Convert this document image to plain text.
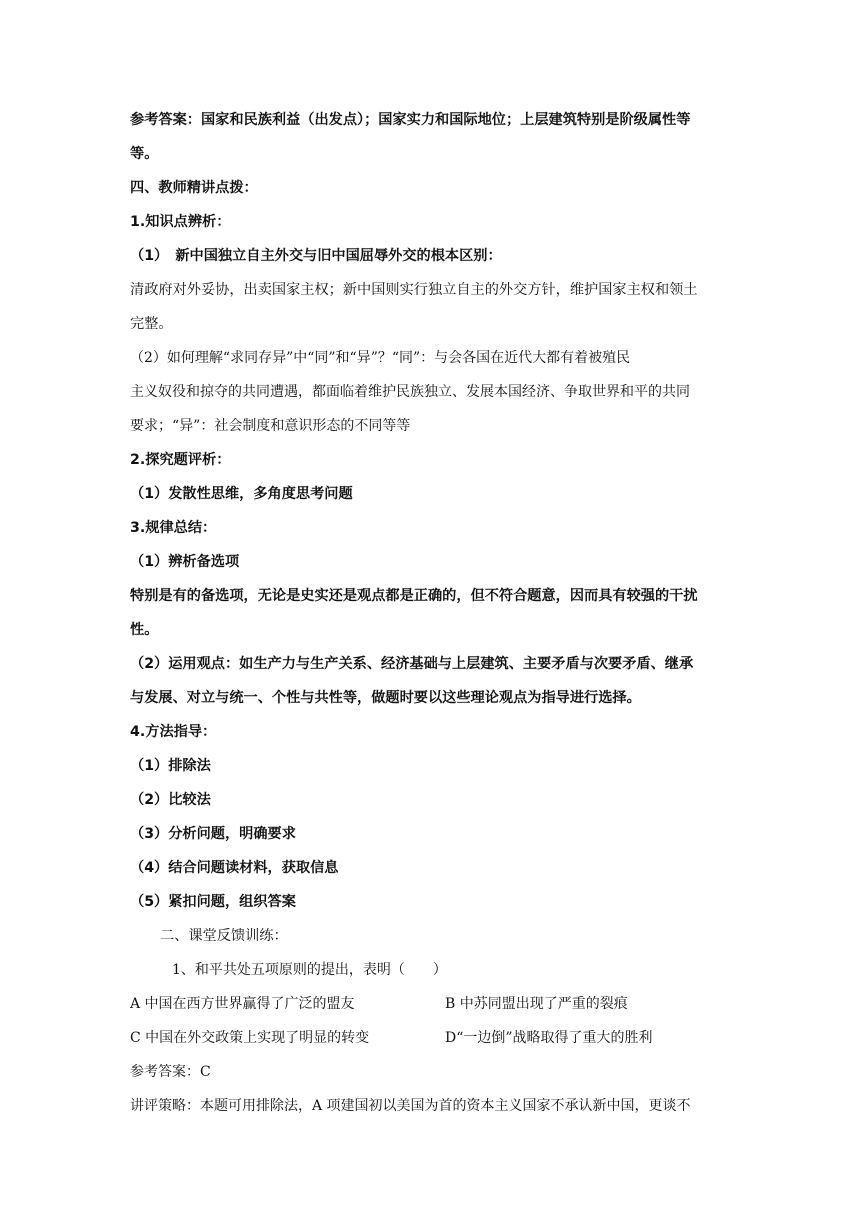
参考答案：国家和民族利益（出发点）；国家实力和国际地位；上层建筑特别是阶级属性等
等。
四、教师精讲点拨：
1.知识点辨析：
（1）　新中国独立自主外交与旧中国屈辱外交的根本区别：
清政府对外妥协，出卖国家主权；新中国则实行独立自主的外交方针，维护国家主权和领土
完整。
（2）如何理解“求同存异”中“同”和“异”？“同”：与会各国在近代大都有着被殖民
主义奴役和掠夺的共同遭遇，都面临着维护民族独立、发展本国经济、争取世界和平的共同
要求；“异”：社会制度和意识形态的不同等等
2.探究题评析：
（1）发散性思维，多角度思考问题
3.规律总结：
（1）辨析备选项
特别是有的备选项，无论是史实还是观点都是正确的，但不符合题意，因而具有较强的干扰
性。
（2）运用观点：如生产力与生产关系、经济基础与上层建筑、主要矛盾与次要矛盾、继承
与发展、对立与统一、个性与共性等，做题时要以这些理论观点为指导进行选择。
4.方法指导：
（1）排除法
（2）比较法
（3）分析问题，明确要求
（4）结合问题读材料，获取信息
（5）紧扣问题，组织答案
二、课堂反馈训练：
1、和平共处五项原则的提出，表明（　　）
A 中国在西方世界赢得了广泛的盟友	B 中苏同盟出现了严重的裂痕
C 中国在外交政策上实现了明显的转变	D“一边倒”战略取得了重大的胜利
参考答案：C
讲评策略：本题可用排除法，A 项建国初以美国为首的资本主义国家不承认新中国，更谈不
